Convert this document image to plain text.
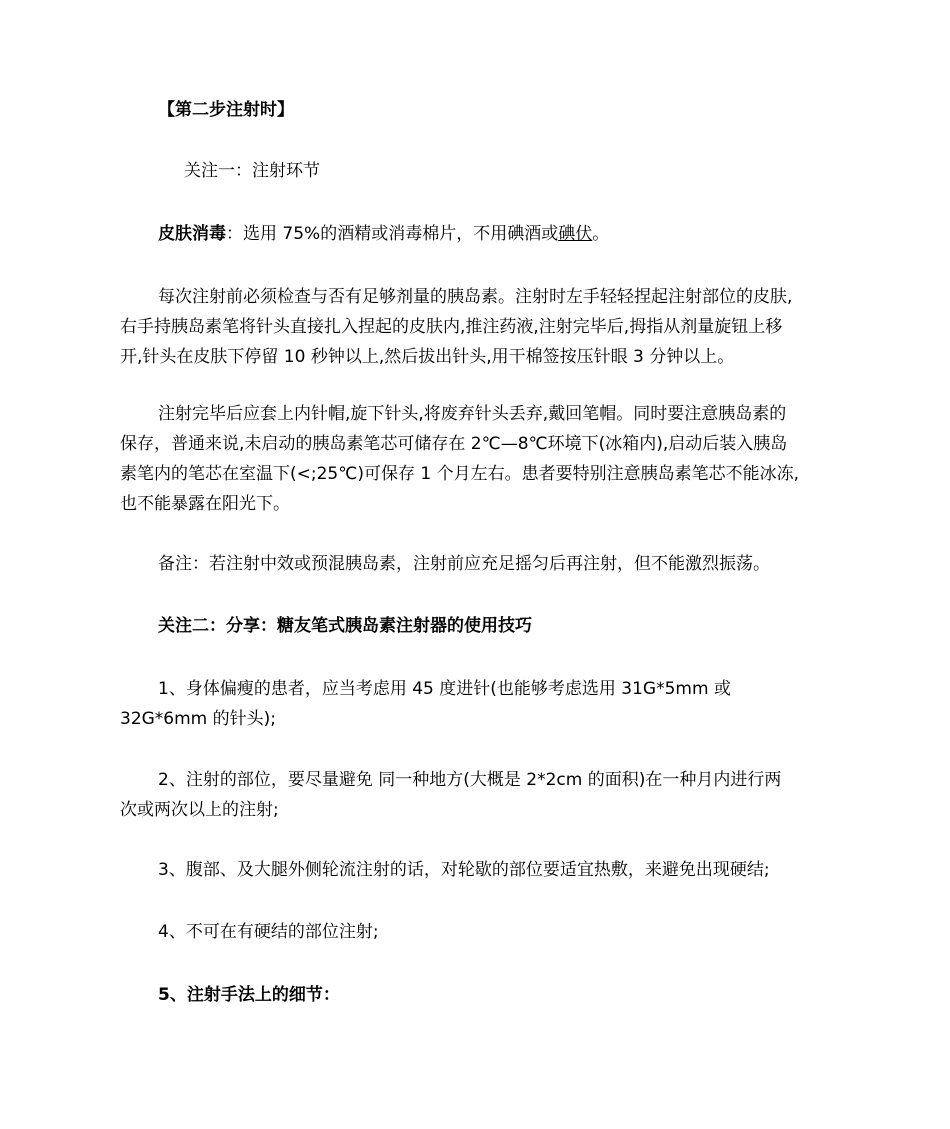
【第二步注射时】
关注一：注射环节
皮肤消毒：选用 75%的酒精或消毒棉片，不用碘酒或碘伏。
每次注射前必须检查与否有足够剂量的胰岛素。注射时左手轻轻捏起注射部位的皮肤,
右手持胰岛素笔将针头直接扎入捏起的皮肤内,推注药液,注射完毕后,拇指从剂量旋钮上移
开,针头在皮肤下停留 10 秒钟以上,然后拔出针头,用干棉签按压针眼 3 分钟以上。
注射完毕后应套上内针帽,旋下针头,将废弃针头丢弃,戴回笔帽。同时要注意胰岛素的
保存，普通来说,未启动的胰岛素笔芯可储存在 2℃—8℃环境下(冰箱内),启动后装入胰岛
素笔内的笔芯在室温下(<;25℃)可保存 1 个月左右。患者要特别注意胰岛素笔芯不能冰冻,
也不能暴露在阳光下。
备注：若注射中效或预混胰岛素，注射前应充足摇匀后再注射，但不能激烈振荡。
关注二：分享：糖友笔式胰岛素注射器的使用技巧
1、身体偏瘦的患者，应当考虑用 45 度进针(也能够考虑选用 31G*5mm 或
32G*6mm 的针头);
2、注射的部位，要尽量避免 同一种地方(大概是 2*2cm 的面积)在一种月内进行两
次或两次以上的注射;
3、腹部、及大腿外侧轮流注射的话，对轮歇的部位要适宜热敷，来避免出现硬结;
4、不可在有硬结的部位注射;
5、注射手法上的细节：
